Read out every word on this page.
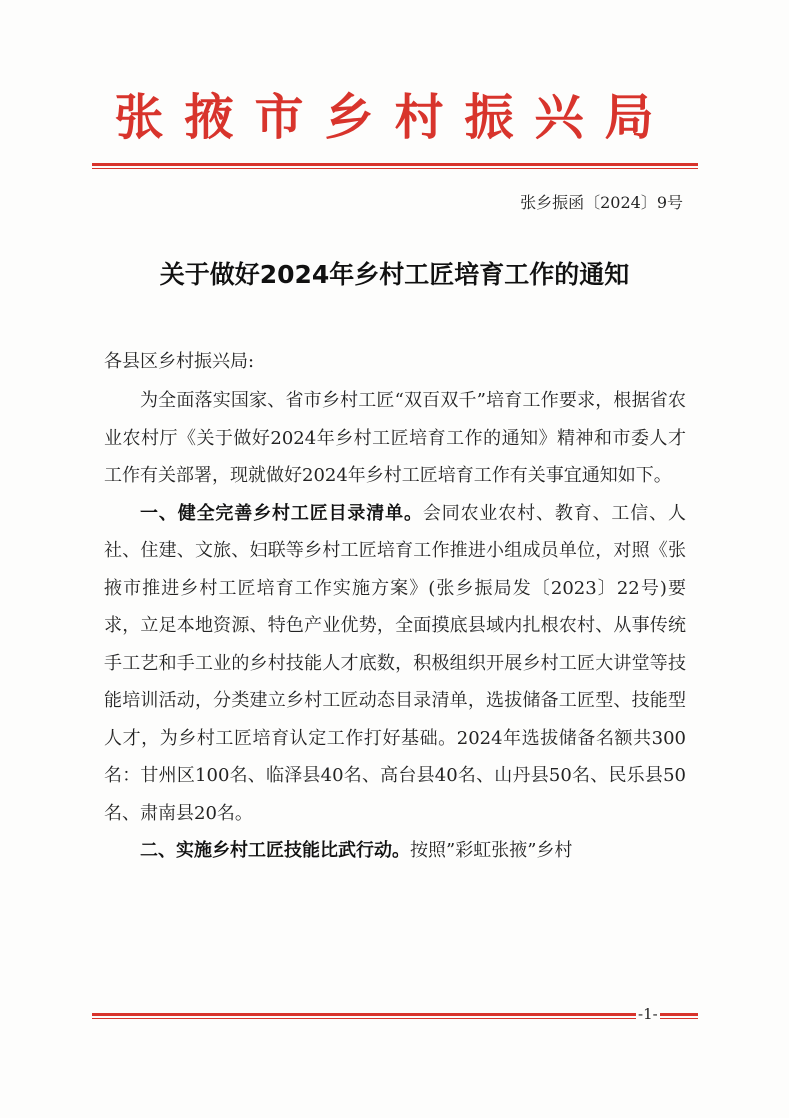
张掖市乡村振兴局
张乡振函〔2024〕9号
关于做好2024年乡村工匠培育工作的通知
各县区乡村振兴局:

为全面落实国家、省市乡村工匠“双百双千”培育工作要求，根据省农业农村厅《关于做好2024年乡村工匠培育工作的通知》精神和市委人才工作有关部署，现就做好2024年乡村工匠培育工作有关事宜通知如下。

一、健全完善乡村工匠目录清单。会同农业农村、教育、工信、人社、住建、文旅、妇联等乡村工匠培育工作推进小组成员单位，对照《张掖市推进乡村工匠培育工作实施方案》(张乡振局发〔2023〕22号)要求，立足本地资源、特色产业优势，全面摸底县域内扎根农村、从事传统手工艺和手工业的乡村技能人才底数，积极组织开展乡村工匠大讲堂等技能培训活动，分类建立乡村工匠动态目录清单，选拔储备工匠型、技能型人才，为乡村工匠培育认定工作打好基础。2024年选拔储备名额共300名：甘州区100名、临泽县40名、高台县40名、山丹县50名、民乐县50名、肃南县20名。

二、实施乡村工匠技能比武行动。按照”彩虹张掖”乡村

-1-
